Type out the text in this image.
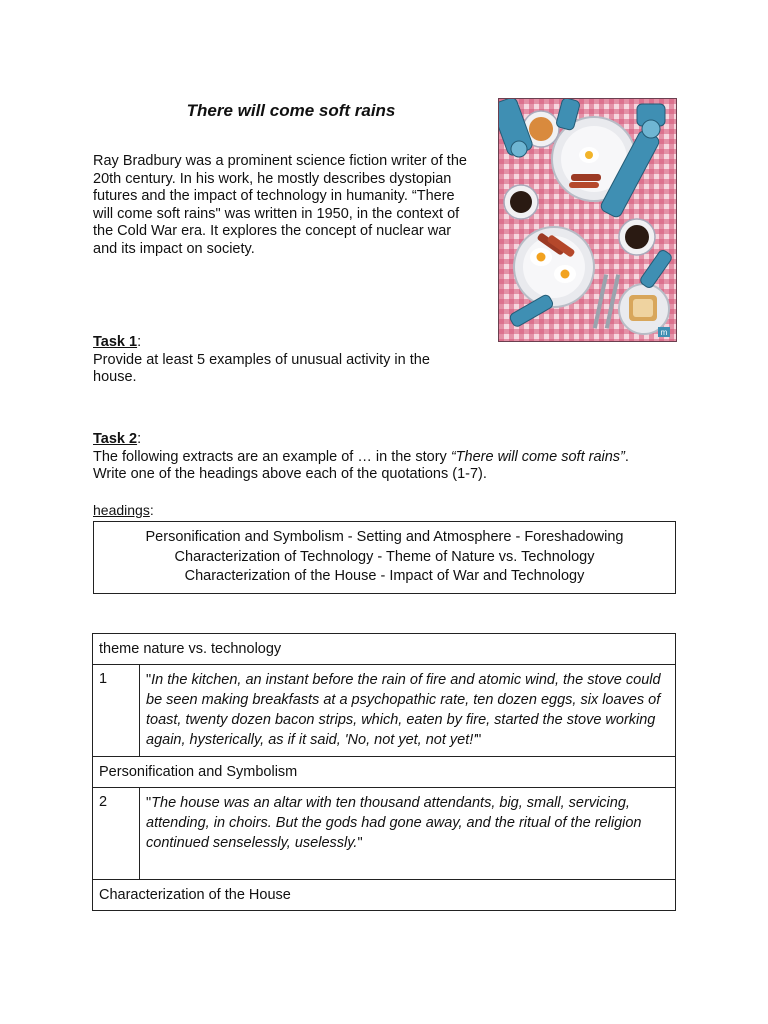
There will come soft rains

Ray Bradbury was a prominent science fiction writer of the 20th century. In his work, he mostly describes dystopian futures and the impact of technology in humanity. “There will come soft rains" was written in 1950, in the context of the Cold War era. It explores the concept of nuclear war and its impact on society.

m
Task 1:
Provide at least 5 examples of unusual activity in the house.
Task 2:
The following extracts are an example of … in the story “There will come soft rains”.
Write one of the headings above each of the quotations (1-7).

headings:

Personification and Symbolism - Setting and Atmosphere - Foreshadowing
Characterization of Technology - Theme of Nature vs. Technology
Characterization of the House - Impact of War and Technology
theme nature vs. technology	
1	"In the kitchen, an instant before the rain of fire and atomic wind, the stove could be seen making breakfasts at a psychopathic rate, ten dozen eggs, six loaves of toast, twenty dozen bacon strips, which, eaten by fire, started the stove working again, hysterically, as if it said, 'No, not yet, not yet!'"
Personification and Symbolism	
2	"The house was an altar with ten thousand attendants, big, small, servicing, attending, in choirs. But the gods had gone away, and the ritual of the religion continued senselessly, uselessly."
Characterization of the House	
